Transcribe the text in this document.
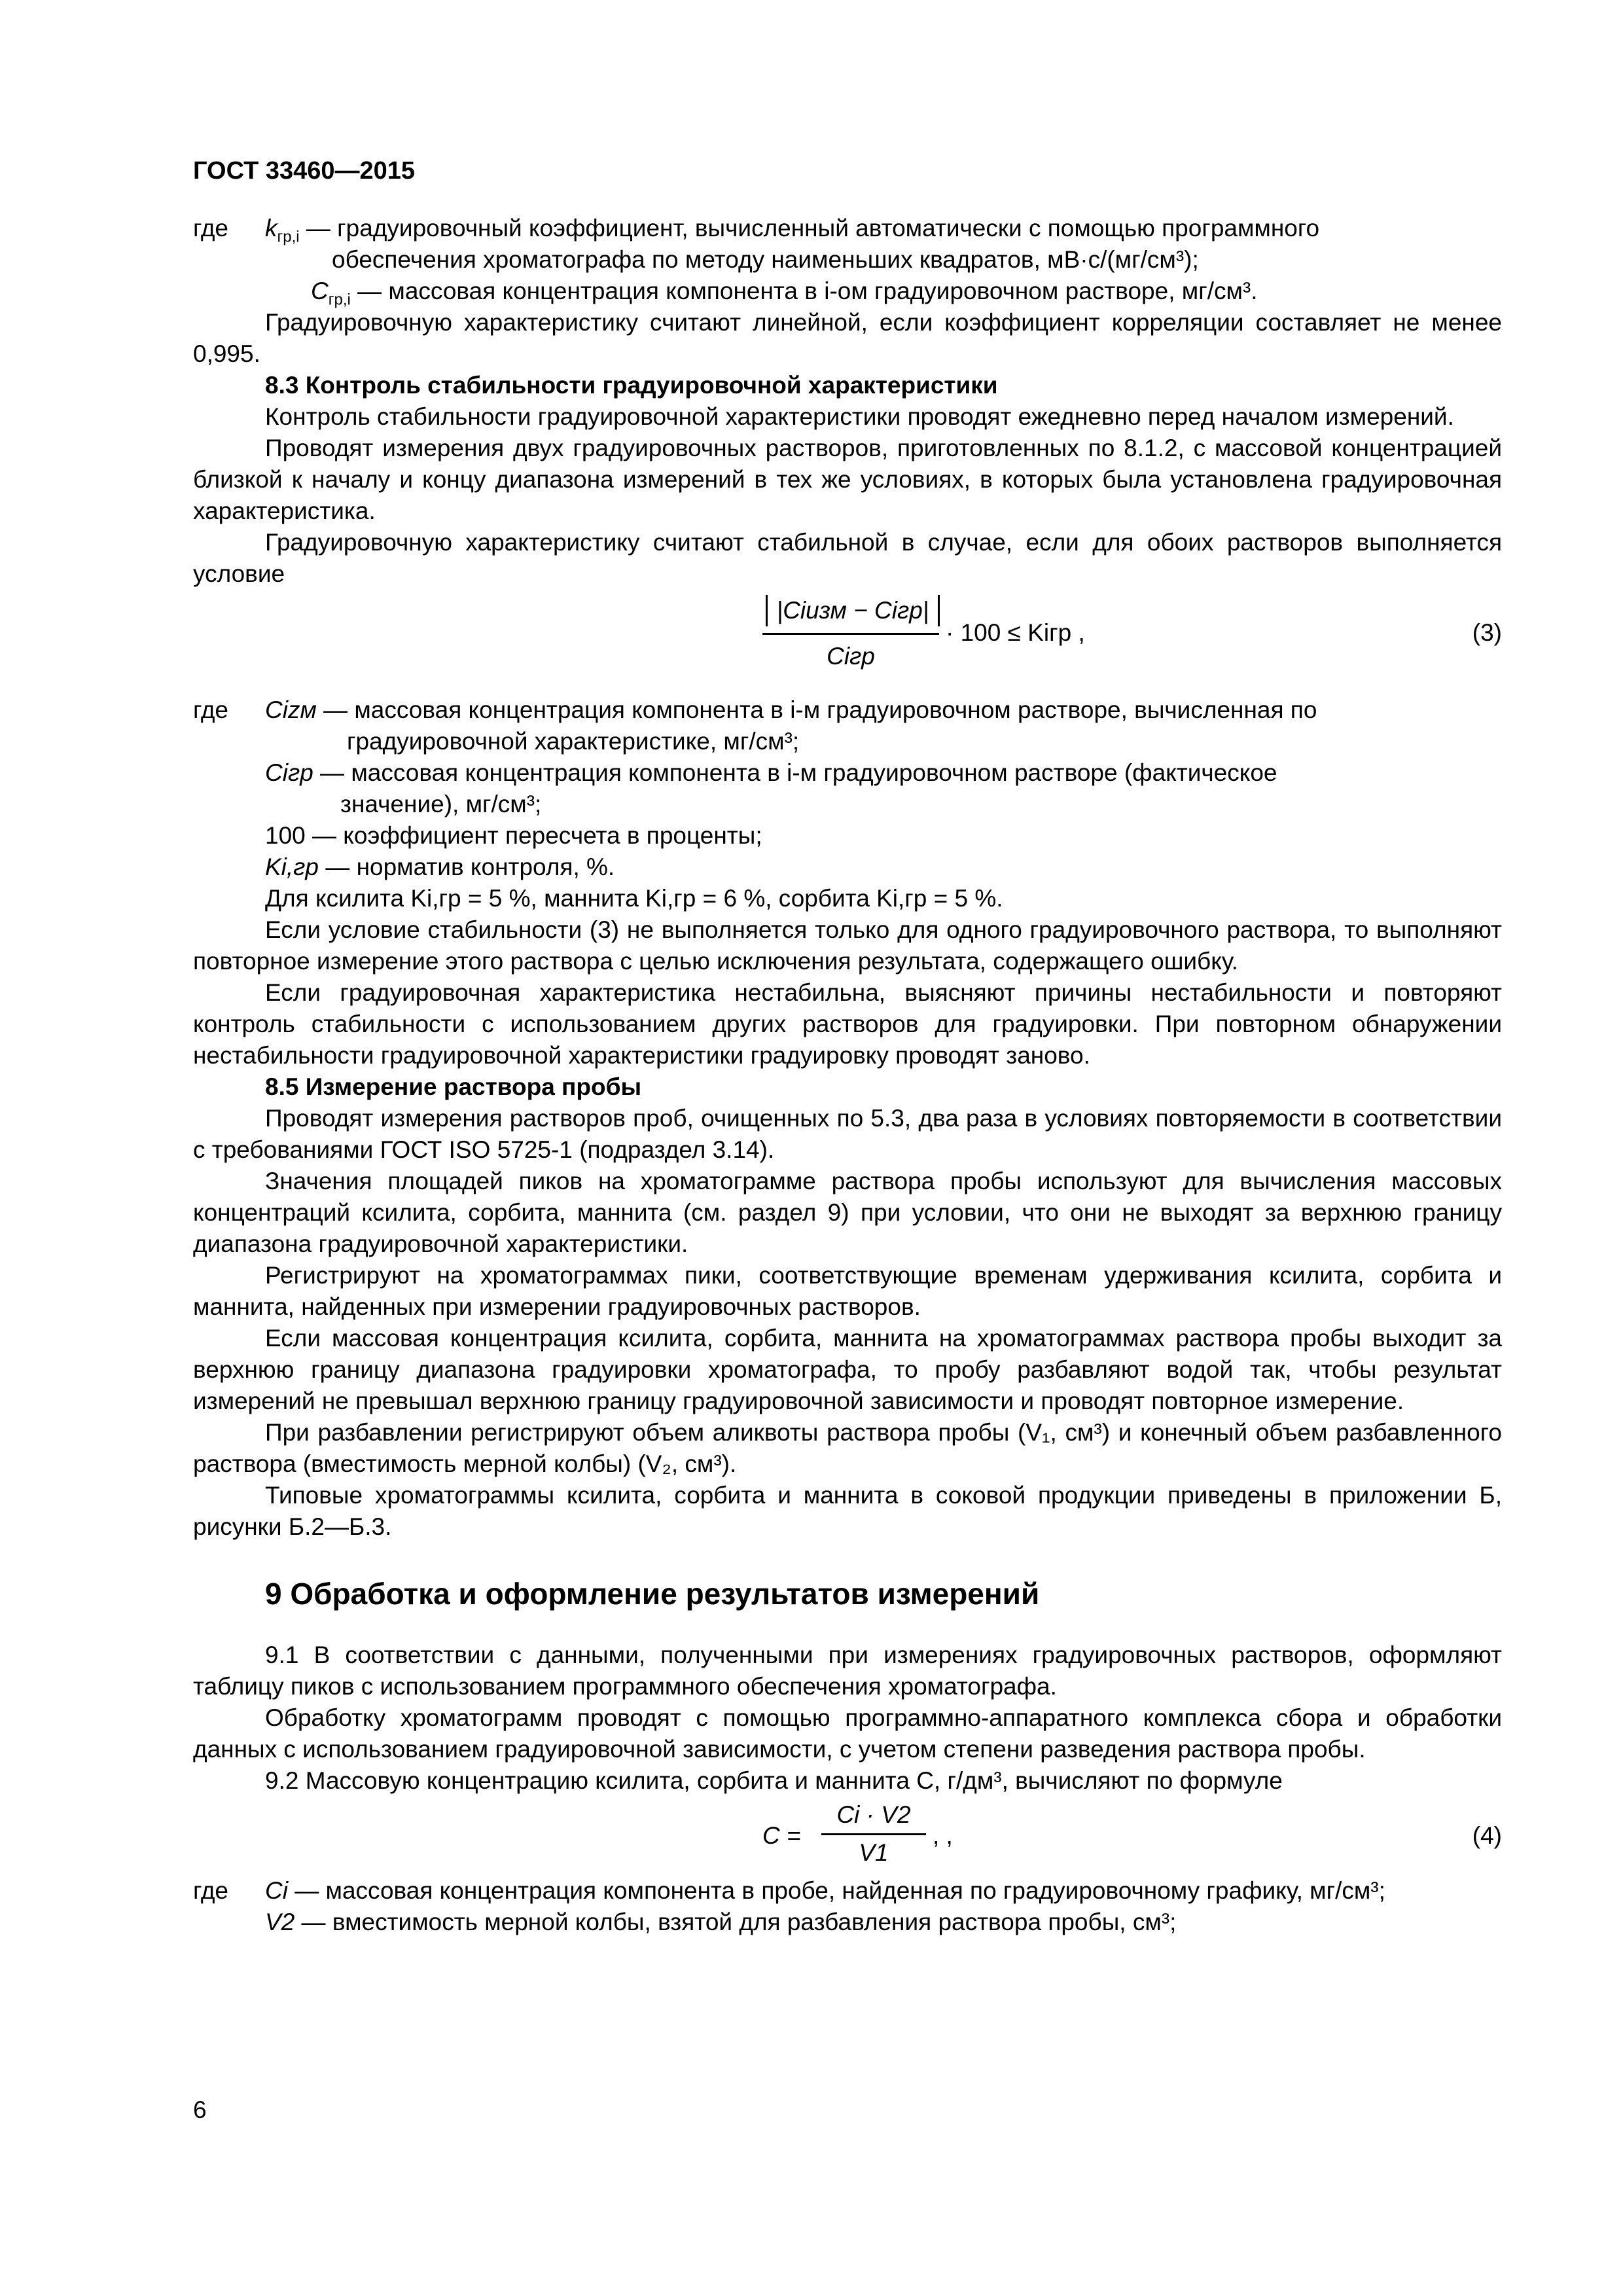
ГОСТ 33460—2015
где	$k_{гр,i}$ — градуировочный коэффициент, вычисленный автоматически с помощью программного

обеспечения хроматографа по методу наименьших квадратов, мВ·с/(мг/см³);

$C_{гр,i}$ — массовая концентрация компонента в i-ом градуировочном растворе, мг/см³.

Градуировочную характеристику считают линейной, если коэффициент корреляции составляет не менее 0,995.

8.3 Контроль стабильности градуировочной характеристики

Контроль стабильности градуировочной характеристики проводят ежедневно перед началом измерений.

Проводят измерения двух градуировочных растворов, приготовленных по 8.1.2, с массовой концентрацией близкой к началу и концу диапазона измерений в тех же условиях, в которых была установлена градуировочная характеристика.

Градуировочную характеристику считают стабильной в случае, если для обоих растворов выполняется условие

|Ciизм − Ciгр|
Ciгр
· 100 ≤ Kiгр ,	(3)
где	Cizм — массовая концентрация компонента в i-м градуировочном растворе, вычисленная по

градуировочной характеристике, мг/см³;

Ciгр — массовая концентрация компонента в i-м градуировочном растворе (фактическое

значение), мг/см³;

100 — коэффициент пересчета в проценты;

Ki,гр — норматив контроля, %.

Для ксилита Ki,гр = 5 %, маннита Ki,гр = 6 %, сорбита Ki,гр = 5 %.

Если условие стабильности (3) не выполняется только для одного градуировочного раствора, то выполняют повторное измерение этого раствора с целью исключения результата, содержащего ошибку.

Если градуировочная характеристика нестабильна, выясняют причины нестабильности и повторяют контроль стабильности с использованием других растворов для градуировки. При повторном обнаружении нестабильности градуировочной характеристики градуировку проводят заново.

8.5 Измерение раствора пробы

Проводят измерения растворов проб, очищенных по 5.3, два раза в условиях повторяемости в соответствии с требованиями ГОСТ ISO 5725-1 (подраздел 3.14).

Значения площадей пиков на хроматограмме раствора пробы используют для вычисления массовых концентраций ксилита, сорбита, маннита (см. раздел 9) при условии, что они не выходят за верхнюю границу диапазона градуировочной характеристики.

Регистрируют на хроматограммах пики, соответствующие временам удерживания ксилита, сорбита и маннита, найденных при измерении градуировочных растворов.

Если массовая концентрация ксилита, сорбита, маннита на хроматограммах раствора пробы выходит за верхнюю границу диапазона градуировки хроматографа, то пробу разбавляют водой так, чтобы результат измерений не превышал верхнюю границу градуировочной зависимости и проводят повторное измерение.

При разбавлении регистрируют объем аликвоты раствора пробы (V₁, см³) и конечный объем разбавленного раствора (вместимость мерной колбы) (V₂, см³).

Типовые хроматограммы ксилита, сорбита и маннита в соковой продукции приведены в приложении Б, рисунки Б.2—Б.3.

9 Обработка и оформление результатов измерений

9.1 В соответствии с данными, полученными при измерениях градуировочных растворов, оформляют таблицу пиков с использованием программного обеспечения хроматографа.

Обработку хроматограмм проводят с помощью программно-аппаратного комплекса сбора и обработки данных с использованием градуировочной зависимости, с учетом степени разведения раствора пробы.

9.2 Массовую концентрацию ксилита, сорбита и маннита C, г/дм³, вычисляют по формуле

C =
Ci · V2
V1
, ,	(4)
где	Ci — массовая концентрация компонента в пробе, найденная по градуировочному графику, мг/см³;

V2 — вместимость мерной колбы, взятой для разбавления раствора пробы, см³;

6
